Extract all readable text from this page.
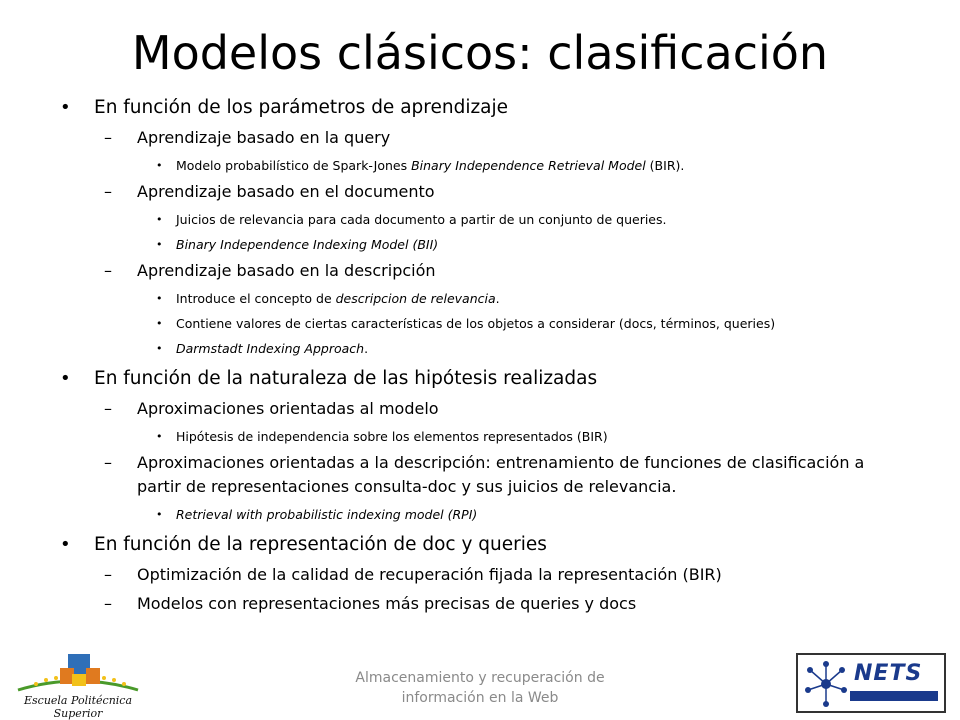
Modelos clásicos: clasificación

• En función de los parámetros de aprendizaje

– Aprendizaje basado en la query

• Modelo probabilístico de Spark-Jones Binary Independence Retrieval Model (BIR).

– Aprendizaje basado en el documento

• Juicios de relevancia para cada documento a partir de un conjunto de queries.

• Binary Independence Indexing Model (BII)

– Aprendizaje basado en la descripción

• Introduce el concepto de descripcion de relevancia.

• Contiene valores de ciertas características de los objetos a considerar (docs, términos, queries)

• Darmstadt Indexing Approach.

• En función de la naturaleza de las hipótesis realizadas

– Aproximaciones orientadas al modelo

• Hipótesis de independencia sobre los elementos representados (BIR)

– Aproximaciones orientadas a la descripción: entrenamiento de funciones de clasificación a partir de representaciones consulta-doc y sus juicios de relevancia.

• Retrieval with probabilistic indexing model (RPI)

• En función de la representación de doc y queries

– Optimización de la calidad de recuperación fijada la representación (BIR)

– Modelos con representaciones más precisas de queries y docs

Escuela Politécnica Superior
Almacenamiento y recuperación de información en la Web
NETS
